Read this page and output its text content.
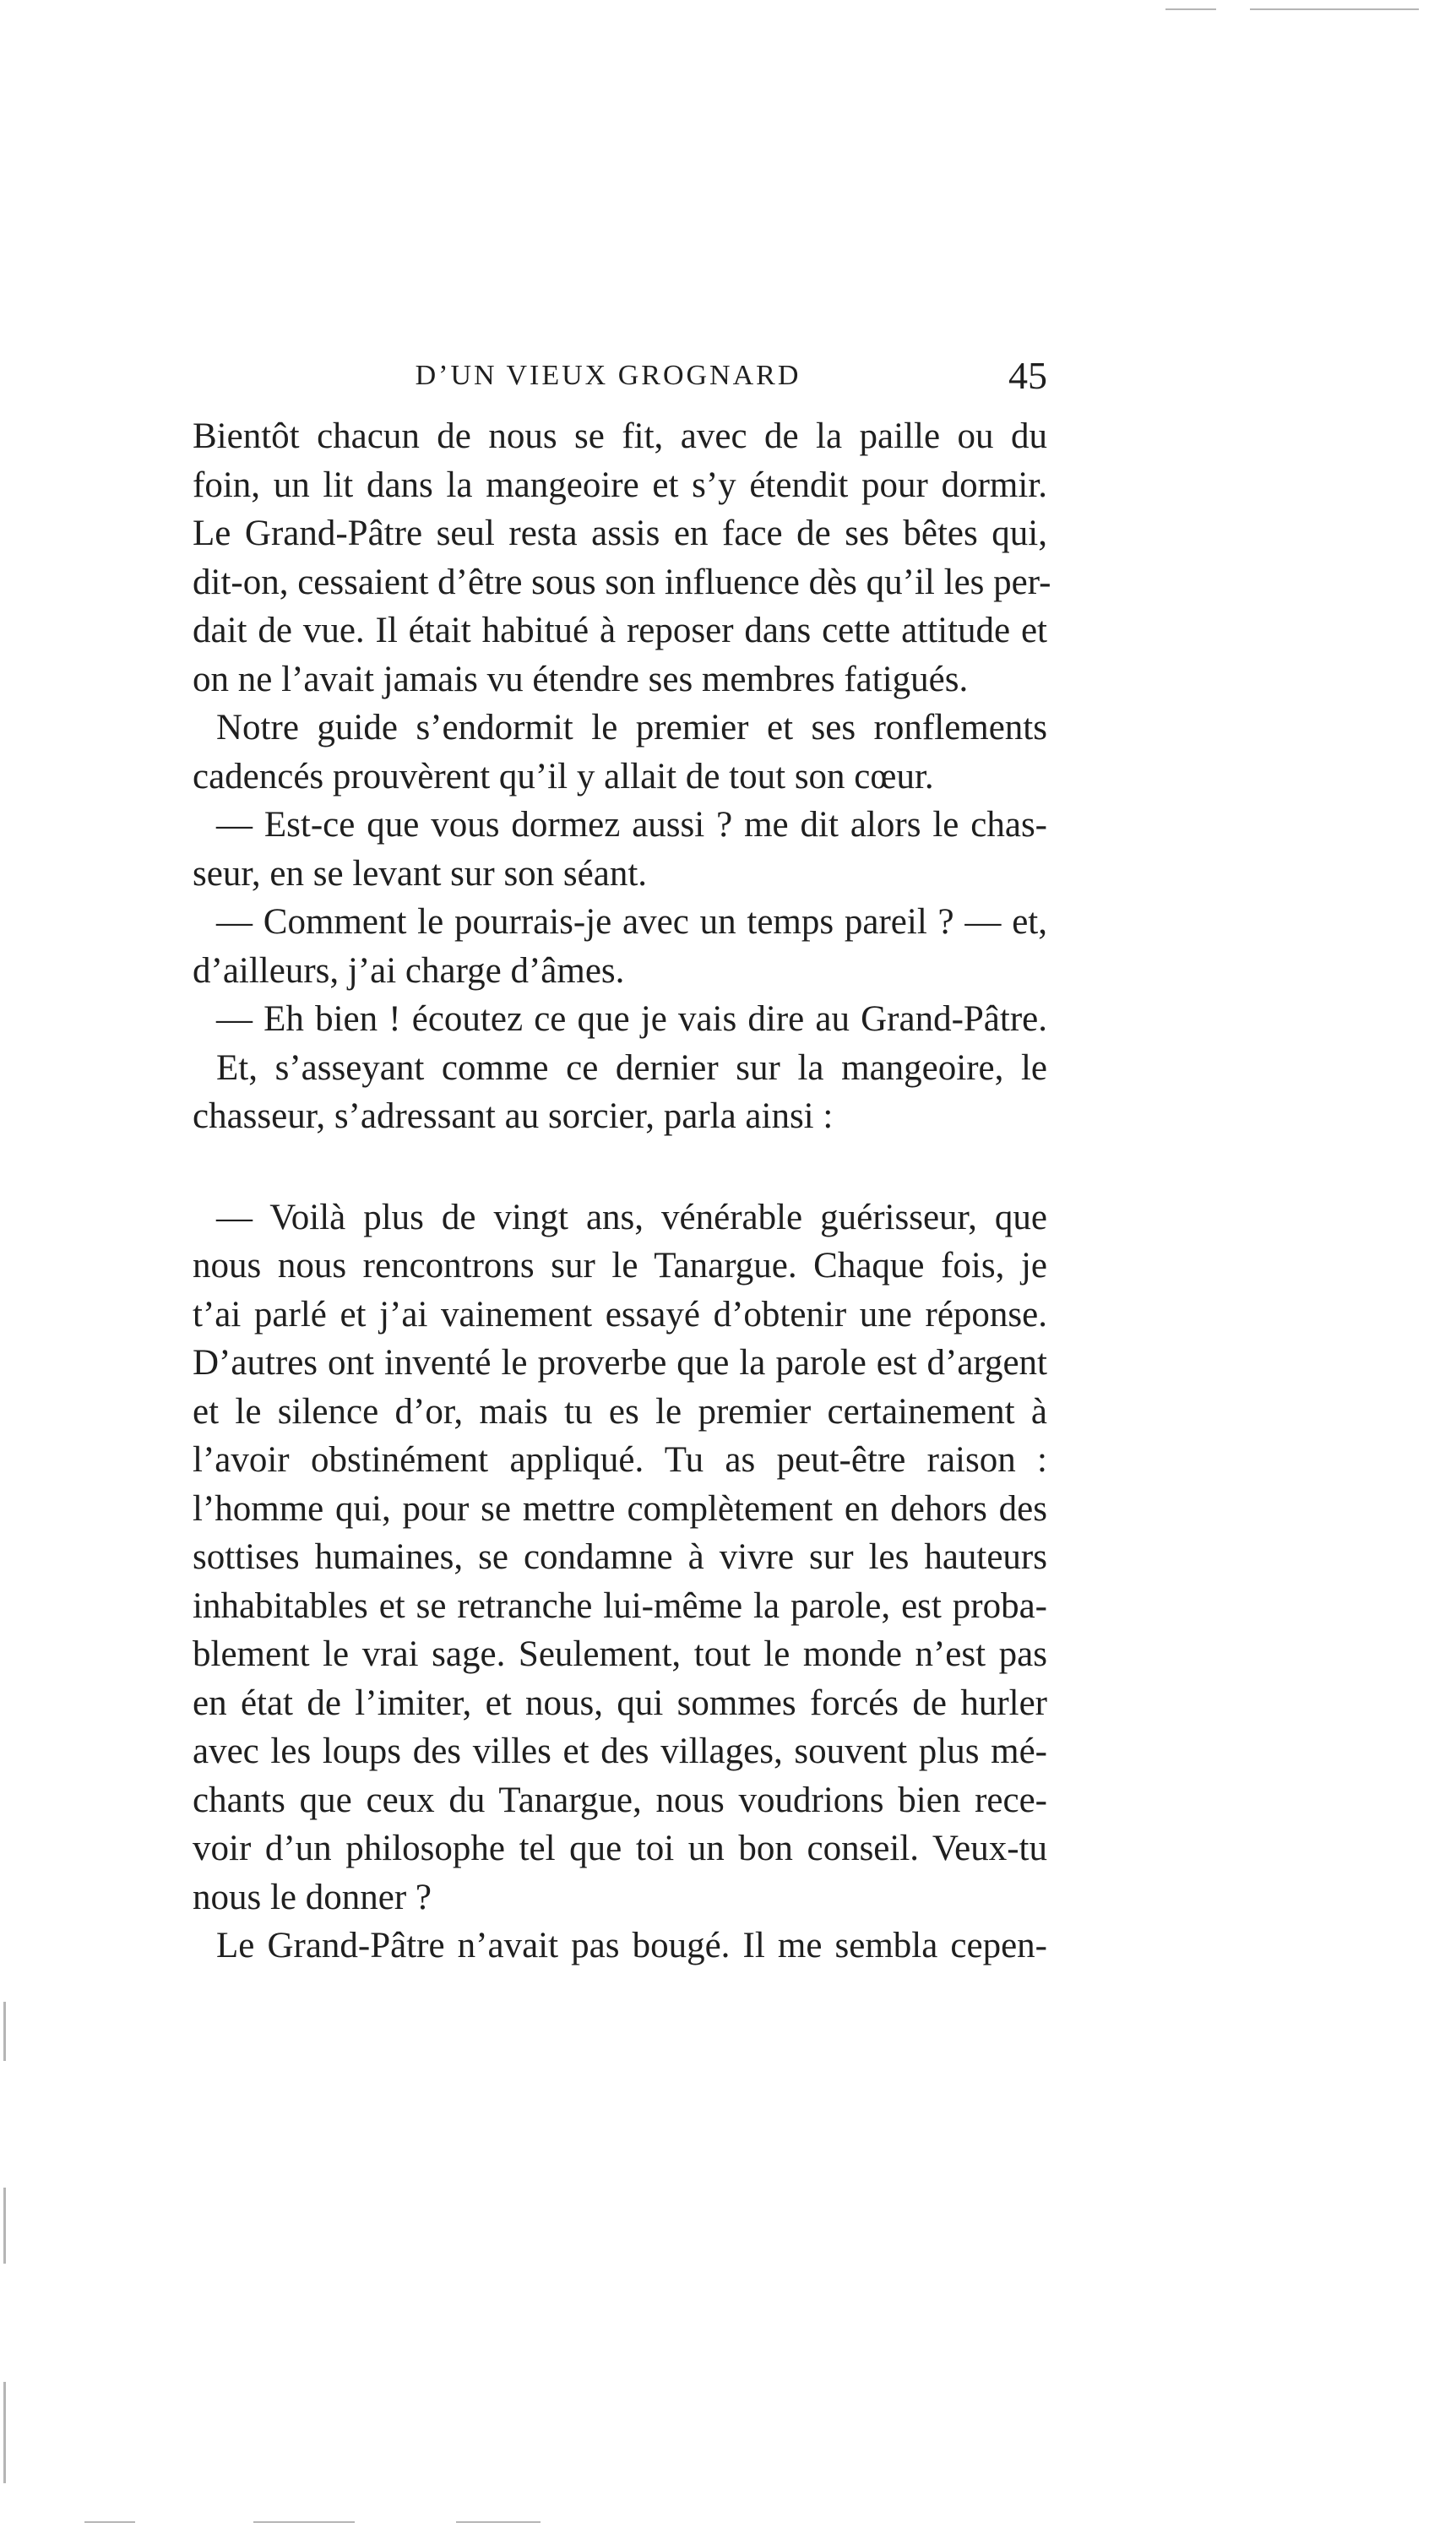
D’UN VIEUX GROGNARD	45

Bientôt chacun de nous se fit, avec de la paille ou du
foin, un lit dans la mangeoire et s’y étendit pour dormir.
Le Grand-Pâtre seul resta assis en face de ses bêtes qui,
dit-on, cessaient d’être sous son influence dès qu’il les per-
dait de vue. Il était habitué à reposer dans cette attitude et
on ne l’avait jamais vu étendre ses membres fatigués.

Notre guide s’endormit le premier et ses ronflements
cadencés prouvèrent qu’il y allait de tout son cœur.

— Est-ce que vous dormez aussi ? me dit alors le chas-
seur, en se levant sur son séant.

— Comment le pourrais-je avec un temps pareil ? — et,
d’ailleurs, j’ai charge d’âmes.

— Eh bien ! écoutez ce que je vais dire au Grand-Pâtre.

Et, s’asseyant comme ce dernier sur la mangeoire, le
chasseur, s’adressant au sorcier, parla ainsi :

— Voilà plus de vingt ans, vénérable guérisseur, que
nous nous rencontrons sur le Tanargue. Chaque fois, je
t’ai parlé et j’ai vainement essayé d’obtenir une réponse.
D’autres ont inventé le proverbe que la parole est d’argent
et le silence d’or, mais tu es le premier certainement à
l’avoir obstinément appliqué. Tu as peut-être raison :
l’homme qui, pour se mettre complètement en dehors des
sottises humaines, se condamne à vivre sur les hauteurs
inhabitables et se retranche lui-même la parole, est proba-
blement le vrai sage. Seulement, tout le monde n’est pas
en état de l’imiter, et nous, qui sommes forcés de hurler
avec les loups des villes et des villages, souvent plus mé-
chants que ceux du Tanargue, nous voudrions bien rece-
voir d’un philosophe tel que toi un bon conseil. Veux-tu
nous le donner ?

Le Grand-Pâtre n’avait pas bougé. Il me sembla cepen-
